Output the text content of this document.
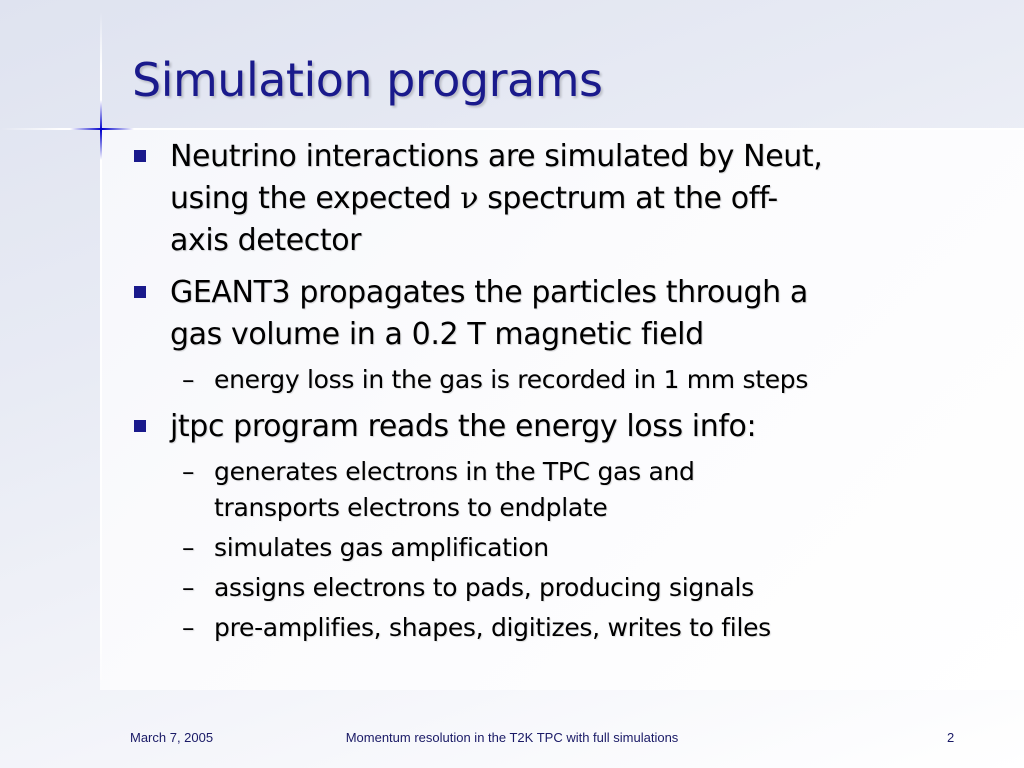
Simulation programs
Neutrino interactions are simulated by Neut,
using the expected ν spectrum at the off-
axis detector
GEANT3 propagates the particles through a
gas volume in a 0.2 T magnetic field
– energy loss in the gas is recorded in 1 mm steps
jtpc program reads the energy loss info:
– generates electrons in the TPC gas and
transports electrons to endplate
– simulates gas amplification
– assigns electrons to pads, producing signals
– pre-amplifies, shapes, digitizes, writes to files
March 7, 2005	Momentum resolution in the T2K TPC with full simulations	2
